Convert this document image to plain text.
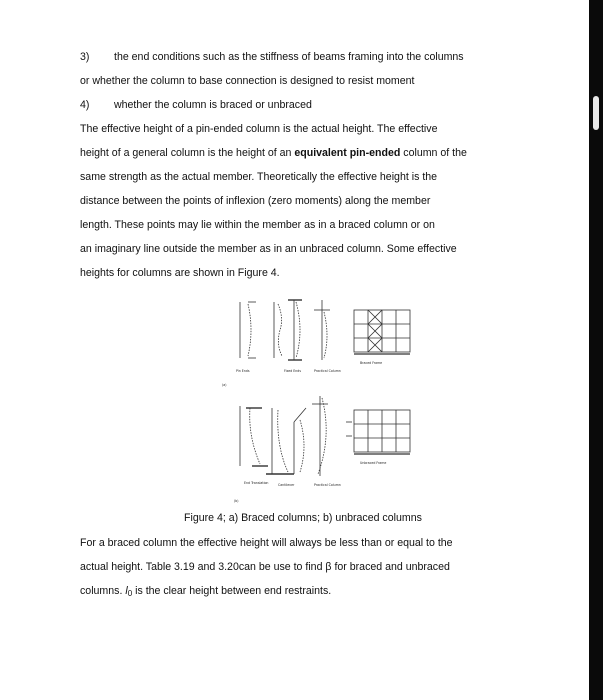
3) the end conditions such as the stiffness of beams framing into the columns
or whether the column to base connection is designed to resist moment
4) whether the column is braced or unbraced
The effective height of a pin-ended column is the actual height. The effective
height of a general column is the height of an equivalent pin-ended column of the
same strength as the actual member. Theoretically the effective height is the
distance between the points of inflexion (zero moments) along the member
length. These points may lie within the member as in a braced column or on
an imaginary line outside the member as in an unbraced column. Some effective
heights for columns are shown in Figure 4.
Pin Ends	Fixed Ends	Practical Column
Braced Frame
(a)
End Translation	Cantilever	Practical Column
Unbraced Frame
(b)
Figure 4; a) Braced columns; b) unbraced columns
For a braced column the effective height will always be less than or equal to the
actual height. Table 3.19 and 3.20can be use to find β for braced and unbraced
columns. $l_0$ is the clear height between end restraints.
